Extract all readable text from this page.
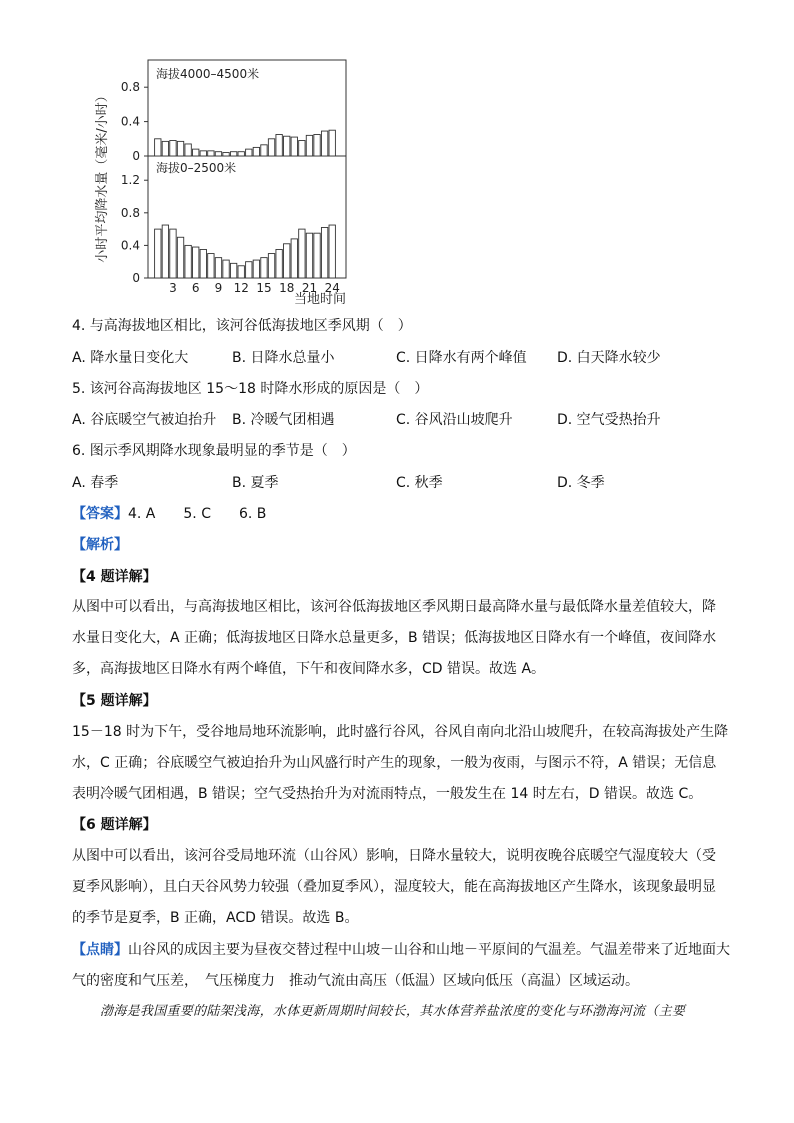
0
0.4
0.8
海拔4000–4500米
0
0.4
0.8
1.2
海拔0–2500米
3 6 9 12 15 18 21 24
当地时间
小时平均降水量（毫米/小时）
4. 与高海拔地区相比，该河谷低海拔地区季风期（　）
A. 降水量日变化大	B. 日降水总量小	C. 日降水有两个峰值 D. 白天降水较少
5. 该河谷高海拔地区 15～18 时降水形成的原因是（　）
A. 谷底暖空气被迫抬升 B. 冷暖气团相遇	C. 谷风沿山坡爬升	D. 空气受热抬升
6. 图示季风期降水现象最明显的季节是（　）
A. 春季	B. 夏季	C. 秋季	D. 冬季
【答案】4. A　　5. C　　6. B
【解析】
【4 题详解】
从图中可以看出，与高海拔地区相比，该河谷低海拔地区季风期日最高降水量与最低降水量差值较大，降
水量日变化大，A 正确；低海拔地区日降水总量更多，B 错误；低海拔地区日降水有一个峰值，夜间降水
多，高海拔地区日降水有两个峰值，下午和夜间降水多，CD 错误。故选 A。
【5 题详解】
15－18 时为下午，受谷地局地环流影响，此时盛行谷风，谷风自南向北沿山坡爬升，在较高海拔处产生降
水，C 正确；谷底暖空气被迫抬升为山风盛行时产生的现象，一般为夜雨，与图示不符，A 错误；无信息
表明冷暖气团相遇，B 错误；空气受热抬升为对流雨特点，一般发生在 14 时左右，D 错误。故选 C。
【6 题详解】
从图中可以看出，该河谷受局地环流（山谷风）影响，日降水量较大，说明夜晚谷底暖空气湿度较大（受
夏季风影响），且白天谷风势力较强（叠加夏季风），湿度较大，能在高海拔地区产生降水，该现象最明显
的季节是夏季，B 正确，ACD 错误。故选 B。
【点睛】山谷风的成因主要为昼夜交替过程中山坡－山谷和山地－平原间的气温差。气温差带来了近地面大
气的密度和气压差，　气压梯度力　推动气流由高压（低温）区域向低压（高温）区域运动。
渤海是我国重要的陆架浅海，水体更新周期时间较长，其水体营养盐浓度的变化与环渤海河流（主要
